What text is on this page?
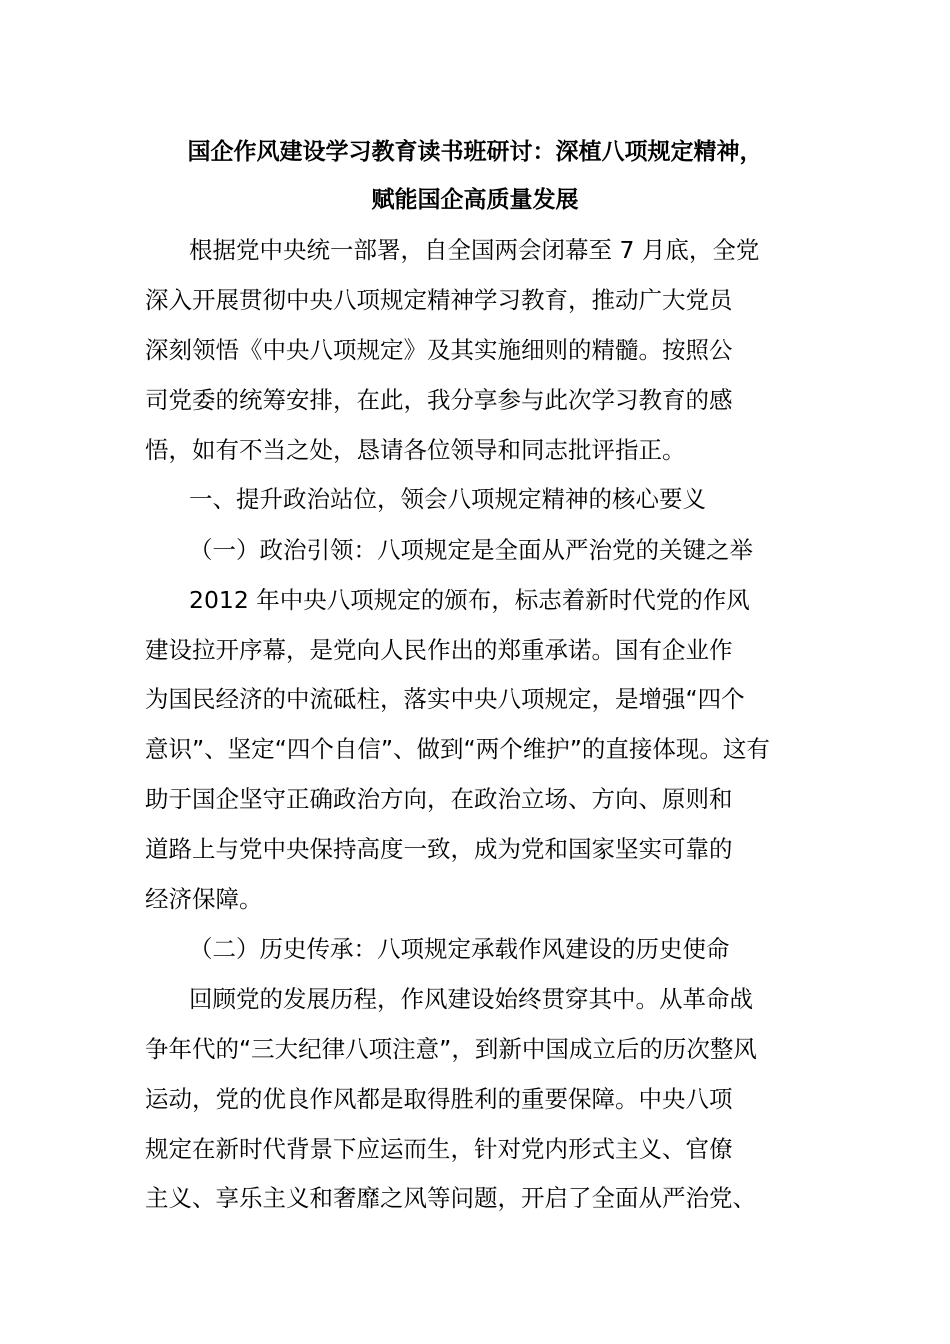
国企作风建设学习教育读书班研讨：深植八项规定精神，
赋能国企高质量发展
根据党中央统一部署，自全国两会闭幕至 7 月底，全党
深入开展贯彻中央八项规定精神学习教育，推动广大党员
深刻领悟《中央八项规定》及其实施细则的精髓。按照公
司党委的统筹安排，在此，我分享参与此次学习教育的感
悟，如有不当之处，恳请各位领导和同志批评指正。
一、提升政治站位，领会八项规定精神的核心要义
（一）政治引领：八项规定是全面从严治党的关键之举
2012 年中央八项规定的颁布，标志着新时代党的作风
建设拉开序幕，是党向人民作出的郑重承诺。国有企业作
为国民经济的中流砥柱，落实中央八项规定，是增强“四个
意识”、坚定“四个自信”、做到“两个维护”的直接体现。这有
助于国企坚守正确政治方向，在政治立场、方向、原则和
道路上与党中央保持高度一致，成为党和国家坚实可靠的
经济保障。
（二）历史传承：八项规定承载作风建设的历史使命
回顾党的发展历程，作风建设始终贯穿其中。从革命战
争年代的“三大纪律八项注意”，到新中国成立后的历次整风
运动，党的优良作风都是取得胜利的重要保障。中央八项
规定在新时代背景下应运而生，针对党内形式主义、官僚
主义、享乐主义和奢靡之风等问题，开启了全面从严治党、
